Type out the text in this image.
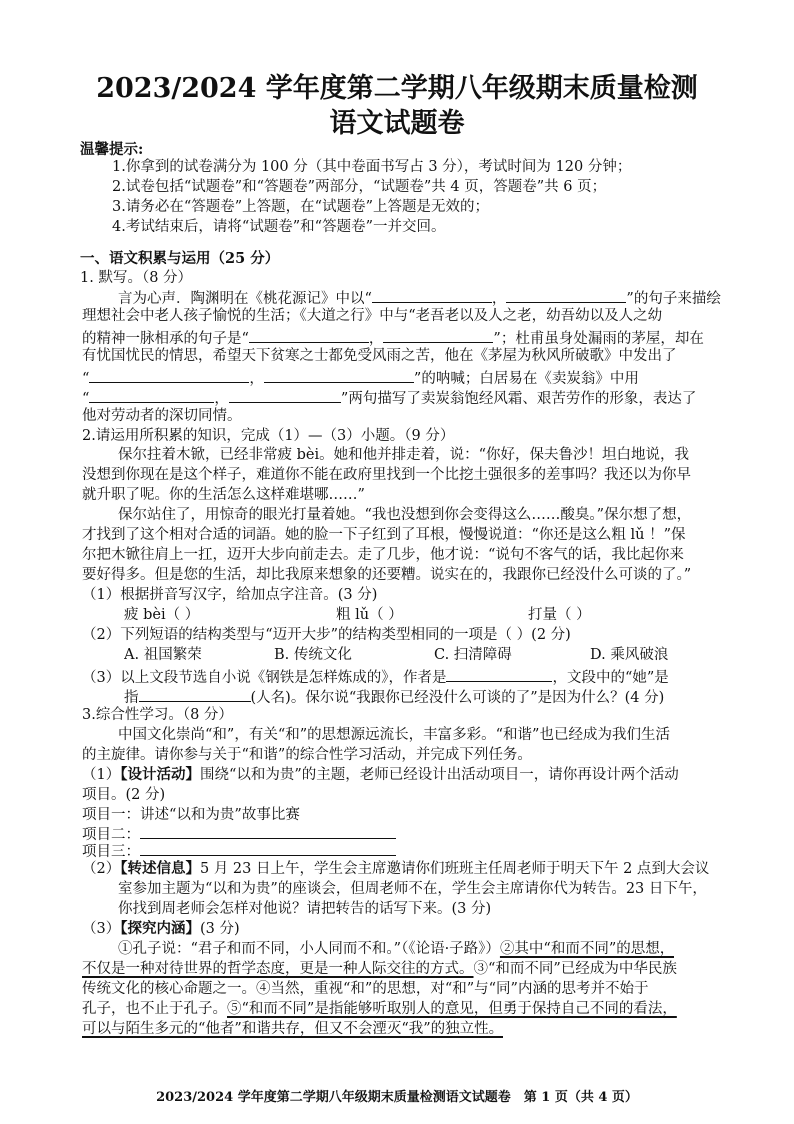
2023/2024 学年度第二学期八年级期末质量检测
语文试题卷
温馨提示:
1.你拿到的试卷满分为 100 分（其中卷面书写占 3 分），考试时间为 120 分钟；
2.试卷包括“试题卷”和“答题卷”两部分，“试题卷”共 4 页，答题卷”共 6 页；
3.请务必在“答题卷”上答题，在“试题卷”上答题是无效的；
4.考试结束后，请将“试题卷”和“答题卷”一并交回。
一、语文积累与运用（25 分）
1. 默写。（8 分）
言为心声．陶渊明在《桃花源记》中以“	，	”的句子来描绘
理想社会中老人孩子愉悦的生活；《大道之行》中与“老吾老以及人之老，幼吾幼以及人之幼
的精神一脉相承的句子是“	，	”；杜甫虽身处漏雨的茅屋，却在
有忧国忧民的情思，希望天下贫寒之士都免受风雨之苦，他在《茅屋为秋风所破歌》中发出了
“	，	”的呐喊；白居易在《卖炭翁》中用
“	，	”两句描写了卖炭翁饱经风霜、艰苦劳作的形象，表达了
他对劳动者的深切同情。
2.请运用所积累的知识，完成（1）—（3）小题。（9 分）
保尔拄着木锨，已经非常疲 bèi。她和他并排走着，说：“你好，保夫鲁沙！坦白地说，我
没想到你现在是这个样子，难道你不能在政府里找到一个比挖土强很多的差事吗？我还以为你早
就升职了呢。你的生活怎么这样难堪哪……”
保尔站住了，用惊奇的眼光打量着她。“我也没想到你会变得这么……酸臭。”保尔想了想，
才找到了这个相对合适的词語。她的脸一下子红到了耳根，慢慢说道：“你还是这么粗 lǔ ！”保
尔把木锨往肩上一扛，迈开大步向前走去。走了几步，他才说：“说句不客气的话，我比起你来
要好得多。但是您的生活，却比我原来想象的还要糟。说实在的，我跟你已经没什么可谈的了。”
（1）根据拼音写汉字，给加点字注音。(3 分)
疲 bèi（ ）	粗 lǔ（ ）	打量（ ）
（2）下列短语的结构类型与“迈开大步”的结构类型相同的一项是（ ）(2 分)
A. 祖国繁荣	B. 传统文化	C. 扫清障碍	D. 乘风破浪
（3）以上文段节选自小说《钢铁是怎样炼成的》，作者是	，文段中的“她”是
指	(人名)。保尔说“我跟你已经没什么可谈的了”是因为什么？(4 分)
3.综合性学习。（8 分）
中国文化崇尚“和”，有关“和”的思想源远流长，丰富多彩。“和谐”也已经成为我们生活
的主旋律。请你参与关于“和谐”的综合性学习活动，并完成下列任务。
（1）【设计活动】围绕“以和为贵”的主题，老师已经设计出活动项目一，请你再设计两个活动
项目。(2 分)
项目一：讲述“以和为贵”故事比赛
项目二：
项目三：
（2）【转述信息】5 月 23 日上午，学生会主席邀请你们班班主任周老师于明天下午 2 点到大会议
室参加主题为“以和为贵”的座谈会，但周老师不在，学生会主席请你代为转告。23 日下午，
你找到周老师会怎样对他说？请把转告的话写下来。(3 分)
（3）【探究内涵】(3 分)
①孔子说：“君子和而不同，小人同而不和。”（《论语·子路》）②其中“和而不同”的思想，
不仅是一种对待世界的哲学态度，更是一种人际交往的方式。③“和而不同”已经成为中华民族
传统文化的核心命题之一。④当然，重视“和”的思想，对“和”与“同”内涵的思考并不始于
孔子，也不止于孔子。⑤“和而不同”是指能够听取别人的意见，但勇于保持自己不同的看法，
可以与陌生多元的“他者”和谐共存，但又不会湮灭“我”的独立性。
2023/2024 学年度第二学期八年级期末质量检测语文试题卷　第 1 页（共 4 页）
